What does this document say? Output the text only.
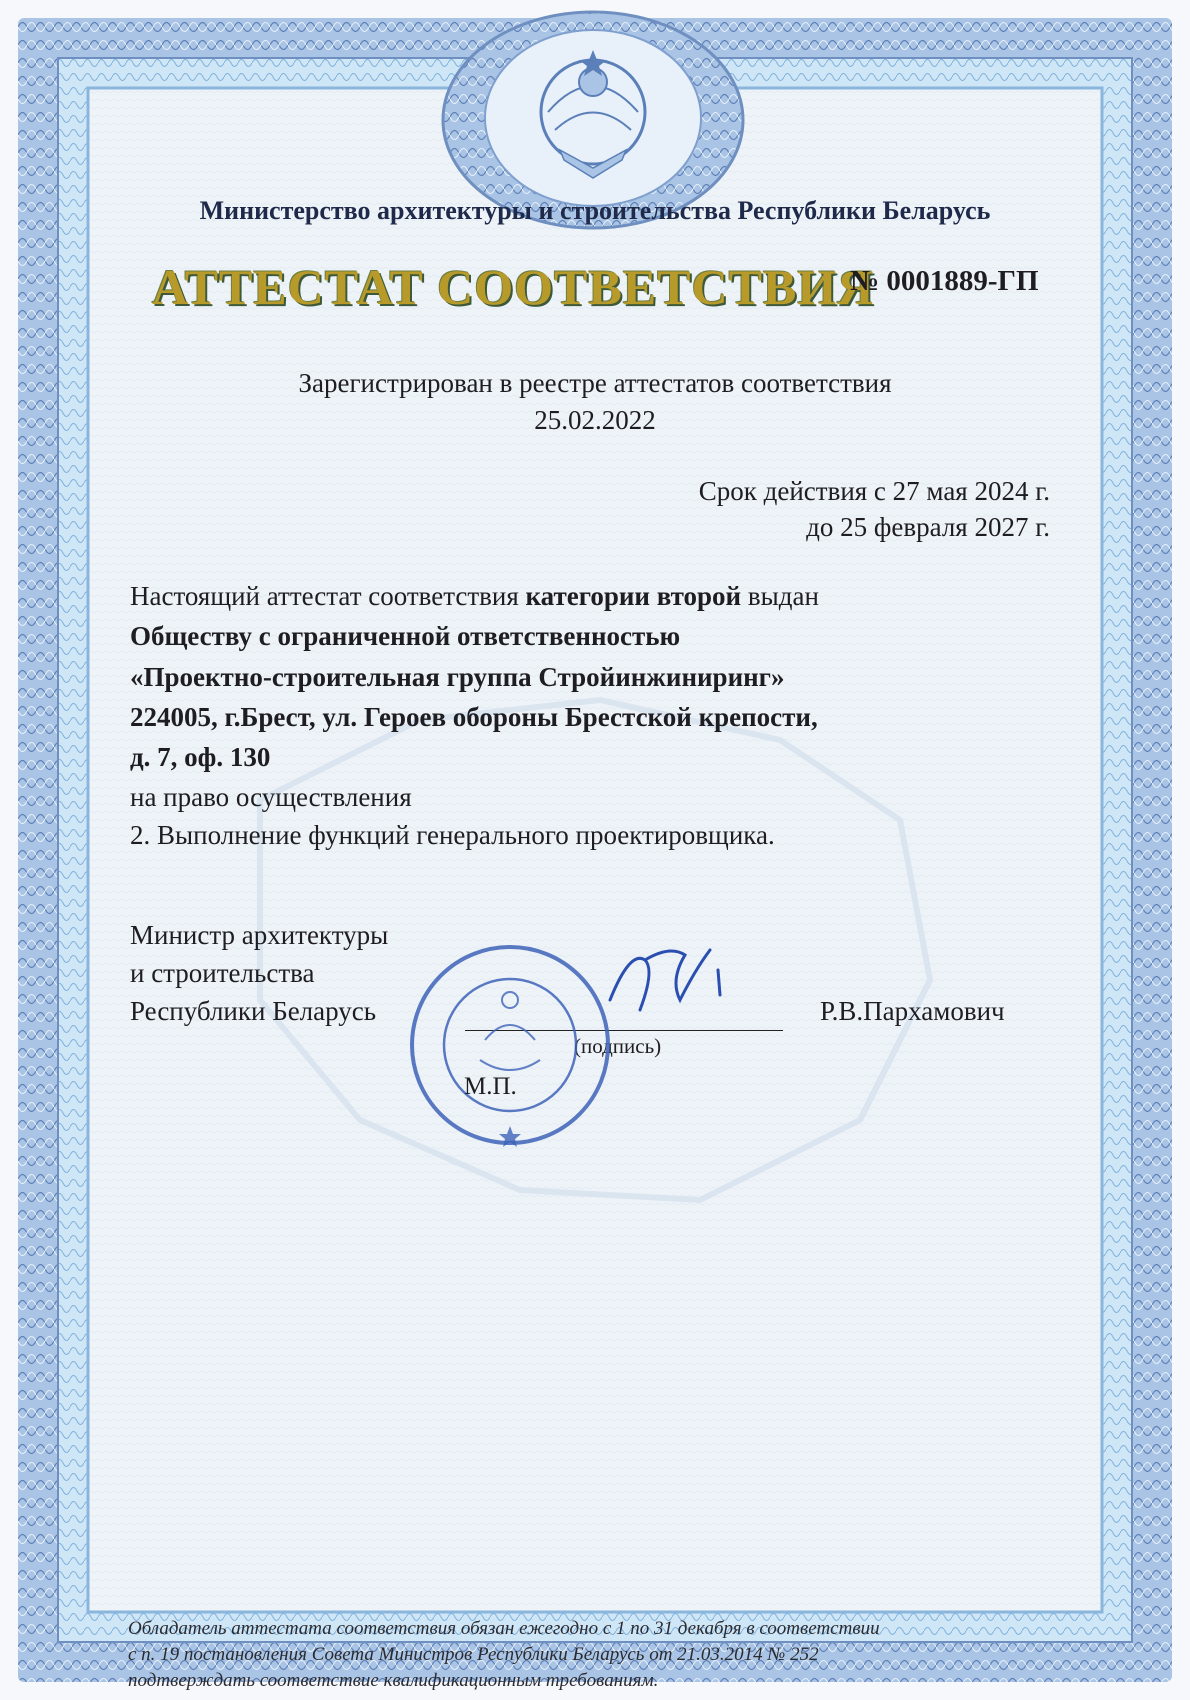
Министерство архитектуры и строительства Республики Беларусь
АТТЕСТАТ СООТВЕТСТВИЯ
№ 0001889-ГП
Зарегистрирован в реестре аттестатов соответствия
25.02.2022
Срок действия с 27 мая 2024 г.
до 25 февраля 2027 г.
Настоящий аттестат соответствия категории второй выдан
Обществу с ограниченной ответственностью
«Проектно-строительная группа Стройинжиниринг»
224005, г.Брест, ул. Героев обороны Брестской крепости,
д. 7, оф. 130
на право осуществления
2. Выполнение функций генерального проектировщика.
Министр архитектуры
и строительства
Республики Беларусь
(подпись)
Р.В.Пархамович
М.П.
Обладатель аттестата соответствия обязан ежегодно с 1 по 31 декабря в соответствии
с п. 19 постановления Совета Министров Республики Беларусь от 21.03.2014 № 252
подтверждать соответствие квалификационным требованиям.
